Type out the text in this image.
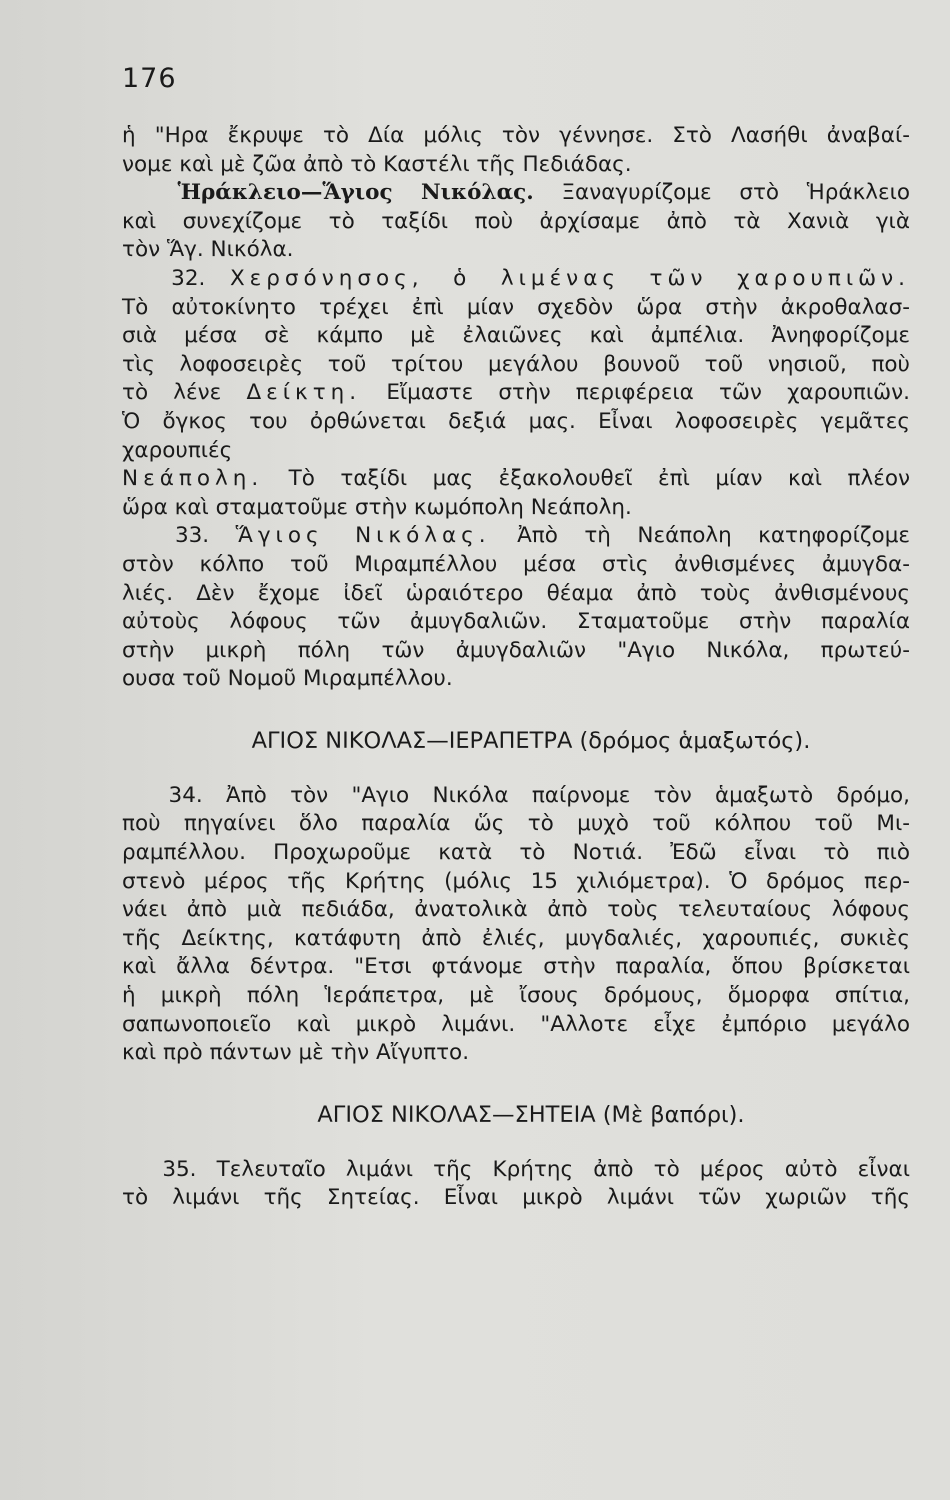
176
ἡ "Ηρα ἔκρυψε τὸ Δία μόλις τὸν γέννησε. Στὸ Λασήθι ἀναβαί-
νομε καὶ μὲ ζῶα ἀπὸ τὸ Καστέλι τῆς Πεδιάδας.
Ἡράκλειο—Ἅγιος Νικόλας. Ξαναγυρίζομε στὸ Ἡράκλειο
καὶ συνεχίζομε τὸ ταξίδι ποὺ ἀρχίσαμε ἀπὸ τὰ Χανιὰ γιὰ
τὸν Ἅγ. Νικόλα.
32. Χερσόνησος, ὁ λιμένας τῶν χαρουπιῶν.
Τὸ αὐτοκίνητο τρέχει ἐπὶ μίαν σχεδὸν ὥρα στὴν ἀκροθαλασ-
σιὰ μέσα σὲ κάμπο μὲ ἐλαιῶνες καὶ ἀμπέλια. Ἀνηφορίζομε
τὶς λοφοσειρὲς τοῦ τρίτου μεγάλου βουνοῦ τοῦ νησιοῦ, ποὺ
τὸ λένε Δείκτη. Εἴμαστε στὴν περιφέρεια τῶν χαρουπιῶν.
Ὁ ὄγκος του ὀρθώνεται δεξιά μας. Εἶναι λοφοσειρὲς γεμᾶτες
χαρουπιές
Νεάπολη. Τὸ ταξίδι μας ἐξακολουθεῖ ἐπὶ μίαν καὶ πλέον
ὥρα καὶ σταματοῦμε στὴν κωμόπολη Νεάπολη.
33. Ἅγιος Νικόλας. Ἀπὸ τὴ Νεάπολη κατηφορίζομε
στὸν κόλπο τοῦ Μιραμπέλλου μέσα στὶς ἀνθισμένες ἀμυγδα-
λιές. Δὲν ἔχομε ἰδεῖ ὡραιότερο θέαμα ἀπὸ τοὺς ἀνθισμένους
αὐτοὺς λόφους τῶν ἀμυγδαλιῶν. Σταματοῦμε στὴν παραλία
στὴν μικρὴ πόλη τῶν ἀμυγδαλιῶν "Αγιο Νικόλα, πρωτεύ-
ουσα τοῦ Νομοῦ Μιραμπέλλου.
ΑΓΙΟΣ ΝΙΚΟΛΑΣ—ΙΕΡΑΠΕΤΡΑ (δρόμος ἁμαξωτός).
34. Ἀπὸ τὸν "Αγιο Νικόλα παίρνομε τὸν ἁμαξωτὸ δρόμο,
ποὺ πηγαίνει ὅλο παραλία ὥς τὸ μυχὸ τοῦ κόλπου τοῦ Μι-
ραμπέλλου. Προχωροῦμε κατὰ τὸ Νοτιά. Ἐδῶ εἶναι τὸ πιὸ
στενὸ μέρος τῆς Κρήτης (μόλις 15 χιλιόμετρα). Ὁ δρόμος περ-
νάει ἀπὸ μιὰ πεδιάδα, ἀνατολικὰ ἀπὸ τοὺς τελευταίους λόφους
τῆς Δείκτης, κατάφυτη ἀπὸ ἐλιές, μυγδαλιές, χαρουπιές, συκιὲς
καὶ ἄλλα δέντρα. "Ετσι φτάνομε στὴν παραλία, ὅπου βρίσκεται
ἡ μικρὴ πόλη Ἱεράπετρα, μὲ ἴσους δρόμους, ὅμορφα σπίτια,
σαπωνοποιεῖο καὶ μικρὸ λιμάνι. "Αλλοτε εἶχε ἐμπόριο μεγάλο
καὶ πρὸ πάντων μὲ τὴν Αἴγυπτο.
ΑΓΙΟΣ ΝΙΚΟΛΑΣ—ΣΗΤΕΙΑ (Μὲ βαπόρι).
35. Τελευταῖο λιμάνι τῆς Κρήτης ἀπὸ τὸ μέρος αὐτὸ εἶναι
τὸ λιμάνι τῆς Σητείας. Εἶναι μικρὸ λιμάνι τῶν χωριῶν τῆς
